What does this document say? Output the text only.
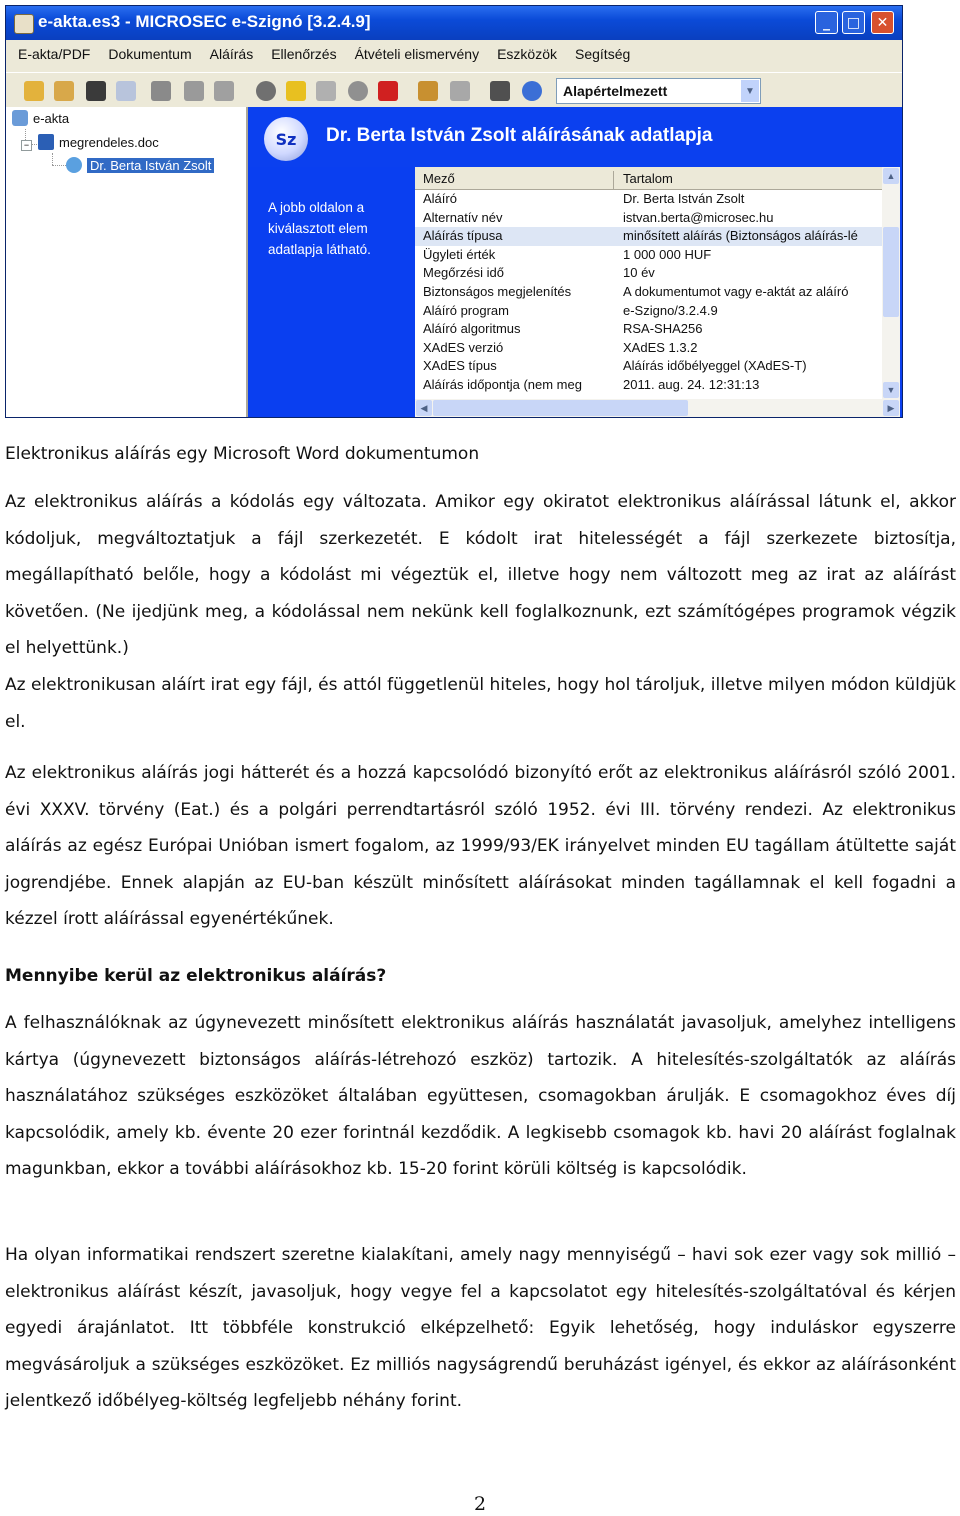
e-akta.es3 - MICROSEC e-Szignó [3.2.4.9]	_	□	✕
E-akta/PDF	Dokumentum	Aláírás	Ellenőrzés	Átvételi elismervény	Eszközök	Segítség
Alapértelmezett	▼
e-akta
− megrendeles.doc
Dr. Berta István Zsolt
Sz	Dr. Berta István Zsolt aláírásának adatlapja
A jobb oldalon a kiválasztott elem adatlapja látható.
Mező	Tartalom
Aláíró	Dr. Berta István Zsolt
Alternatív név	istvan.berta@microsec.hu
Aláírás típusa	minősített aláírás (Biztonságos aláírás-lé
Ügyleti érték	1 000 000 HUF
Megőrzési idő	10 év
Biztonságos megjelenítés	A dokumentumot vagy e-aktát az aláíró
Aláíró program	e-Szigno/3.2.4.9
Aláíró algoritmus	RSA-SHA256
XAdES verzió	XAdES 1.3.2
XAdES típus	Aláírás időbélyeggel (XAdES-T)
Aláírás időpontja (nem meg	2011. aug. 24. 12:31:13
▲
▼
◀	▶
Elektronikus aláírás egy Microsoft Word dokumentumon

Az elektronikus aláírás a kódolás egy változata. Amikor egy okiratot elektronikus aláírással látunk el, akkor kódoljuk, megváltoztatjuk a fájl szerkezetét. E kódolt irat hitelességét a fájl szerkezete biztosítja, megállapítható belőle, hogy a kódolást mi végeztük el, illetve hogy nem változott meg az irat az aláírást követően. (Ne ijedjünk meg, a kódolással nem nekünk kell foglalkoznunk, ezt számítógépes programok végzik el helyettünk.)

Az elektronikusan aláírt irat egy fájl, és attól függetlenül hiteles, hogy hol tároljuk, illetve milyen módon küldjük el.

Az elektronikus aláírás jogi hátterét és a hozzá kapcsolódó bizonyító erőt az elektronikus aláírásról szóló 2001. évi XXXV. törvény (Eat.) és a polgári perrendtartásról szóló 1952. évi III. törvény rendezi. Az elektronikus aláírás az egész Európai Unióban ismert fogalom, az 1999/93/EK irányelvet minden EU tagállam átültette saját jogrendjébe. Ennek alapján az EU-ban készült minősített aláírásokat minden tagállamnak el kell fogadni a kézzel írott aláírással egyenértékűnek.

Mennyibe kerül az elektronikus aláírás?

A felhasználóknak az úgynevezett minősített elektronikus aláírás használatát javasoljuk, amelyhez intelligens kártya (úgynevezett biztonságos aláírás-létrehozó eszköz) tartozik. A hitelesítés-szolgáltatók az aláírás használatához szükséges eszközöket általában együttesen, csomagokban árulják. E csomagokhoz éves díj kapcsolódik, amely kb. évente 20 ezer forintnál kezdődik. A legkisebb csomagok kb. havi 20 aláírást foglalnak magunkban, ekkor a további aláírásokhoz kb. 15-20 forint körüli költség is kapcsolódik.

Ha olyan informatikai rendszert szeretne kialakítani, amely nagy mennyiségű – havi sok ezer vagy sok millió – elektronikus aláírást készít, javasoljuk, hogy vegye fel a kapcsolatot egy hitelesítés-szolgáltatóval és kérjen egyedi árajánlatot. Itt többféle konstrukció elképzelhető: Egyik lehetőség, hogy induláskor egyszerre megvásároljuk a szükséges eszközöket. Ez milliós nagyságrendű beruházást igényel, és ekkor az aláírásonként jelentkező időbélyeg-költség legfeljebb néhány forint.

2
